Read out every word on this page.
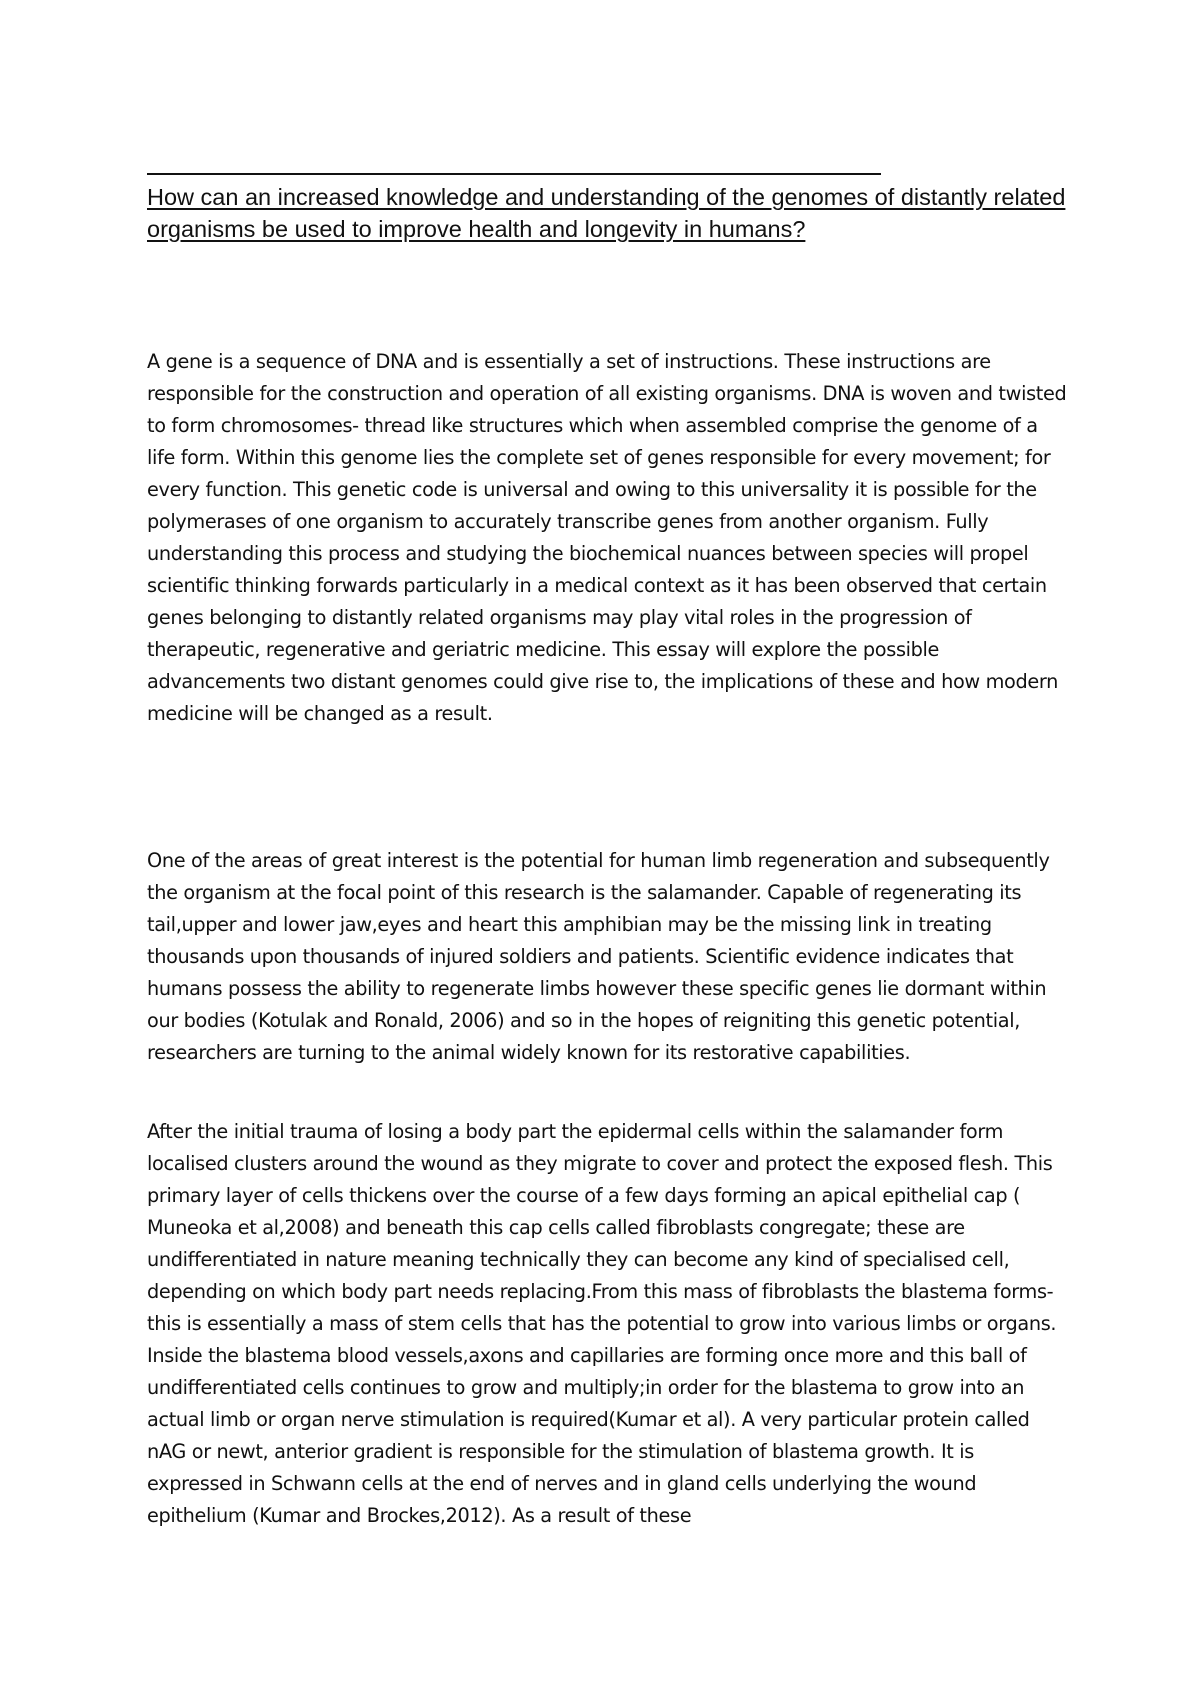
How can an increased knowledge and understanding of the genomes of distantly related organisms be used to improve health and longevity in humans?

A gene is a sequence of DNA and is essentially a set of instructions. These instructions are responsible for the construction and operation of all existing organisms. DNA is woven and twisted to form chromosomes- thread like structures which when assembled comprise the genome of a life form. Within this genome lies the complete set of genes responsible for every movement; for every function. This genetic code is universal and owing to this universality it is possible for the polymerases of one organism to accurately transcribe genes from another organism. Fully understanding this process and studying the biochemical nuances between species will propel scientific thinking forwards particularly in a medical context as it has been observed that certain genes belonging to distantly related organisms may play vital roles in the progression of therapeutic, regenerative and geriatric medicine. This essay will explore the possible advancements two distant genomes could give rise to, the implications of these and how modern medicine will be changed as a result.

One of the areas of great interest is the potential for human limb regeneration and subsequently the organism at the focal point of this research is the salamander. Capable of regenerating its tail,upper and lower jaw,eyes and heart this amphibian may be the missing link in treating thousands upon thousands of injured soldiers and patients. Scientific evidence indicates that humans possess the ability to regenerate limbs however these specific genes lie dormant within our bodies (Kotulak and Ronald, 2006) and so in the hopes of reigniting this genetic potential, researchers are turning to the animal widely known for its restorative capabilities.

After the initial trauma of losing a body part the epidermal cells within the salamander form localised clusters around the wound as they migrate to cover and protect the exposed flesh. This primary layer of cells thickens over the course of a few days forming an apical epithelial cap ( Muneoka et al,2008) and beneath this cap cells called fibroblasts congregate; these are undifferentiated in nature meaning technically they can become any kind of specialised cell, depending on which body part needs replacing.From this mass of fibroblasts the blastema forms-this is essentially a mass of stem cells that has the potential to grow into various limbs or organs. Inside the blastema blood vessels,axons and capillaries are forming once more and this ball of undifferentiated cells continues to grow and multiply;in order for the blastema to grow into an actual limb or organ nerve stimulation is required(Kumar et al). A very particular protein called nAG or newt, anterior gradient is responsible for the stimulation of blastema growth. It is expressed in Schwann cells at the end of nerves and in gland cells underlying the wound epithelium (Kumar and Brockes,2012). As a result of these
